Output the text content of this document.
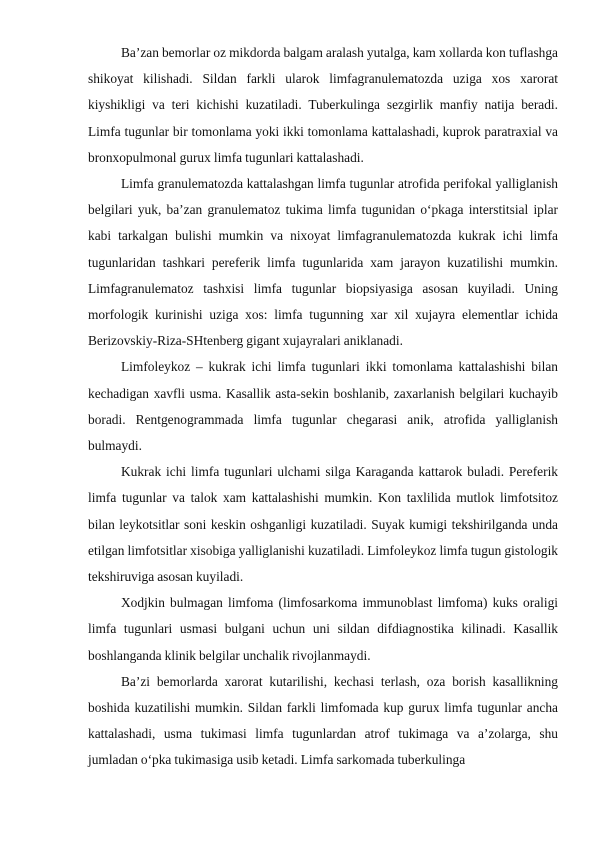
Ba’zan bemorlar oz mikdorda balgam aralash yutalga, kam xollarda kon tuflashga shikoyat kilishadi. Sildan farkli ularok limfagranulematozda uziga xos xarorat kiyshikligi va teri kichishi kuzatiladi. Tuberkulinga sezgirlik manfiy natija beradi. Limfa tugunlar bir tomonlama yoki ikki tomonlama kattalashadi, kuprok paratraxial va bronxopulmonal gurux limfa tugunlari kattalashadi.

Limfa granulematozda kattalashgan limfa tugunlar atrofida perifokal yalliglanish belgilari yuk, ba’zan granulematoz tukima limfa tugunidan o‘pkaga interstitsial iplar kabi tarkalgan bulishi mumkin va nixoyat limfagranulematozda kukrak ichi limfa tugunlaridan tashkari pereferik limfa tugunlarida xam jarayon kuzatilishi mumkin. Limfagranulematoz tashxisi limfa tugunlar biopsiyasiga asosan kuyiladi. Uning morfologik kurinishi uziga xos: limfa tugunning xar xil xujayra elementlar ichida Berizovskiy-Riza-SHtenberg gigant xujayralari aniklanadi.

Limfoleykoz – kukrak ichi limfa tugunlari ikki tomonlama kattalashishi bilan kechadigan xavfli usma. Kasallik asta-sekin boshlanib, zaxarlanish belgilari kuchayib boradi. Rentgenogrammada limfa tugunlar chegarasi anik, atrofida yalliglanish bulmaydi.

Kukrak ichi limfa tugunlari ulchami silga Karaganda kattarok buladi. Pereferik limfa tugunlar va talok xam kattalashishi mumkin. Kon taxlilida mutlok limfotsitoz bilan leykotsitlar soni keskin oshganligi kuzatiladi. Suyak kumigi tekshirilganda unda etilgan limfotsitlar xisobiga yalliglanishi kuzatiladi. Limfoleykoz limfa tugun gistologik tekshiruviga asosan kuyiladi.

Xodjkin bulmagan limfoma (limfosarkoma immunoblast limfoma) kuks oraligi limfa tugunlari usmasi bulgani uchun uni sildan difdiagnostika kilinadi. Kasallik boshlanganda klinik belgilar unchalik rivojlanmaydi.

Ba’zi bemorlarda xarorat kutarilishi, kechasi terlash, oza borish kasallikning boshida kuzatilishi mumkin. Sildan farkli limfomada kup gurux limfa tugunlar ancha kattalashadi, usma tukimasi limfa tugunlardan atrof tukimaga va a’zolarga, shu jumladan o‘pka tukimasiga usib ketadi. Limfa sarkomada tuberkulinga
